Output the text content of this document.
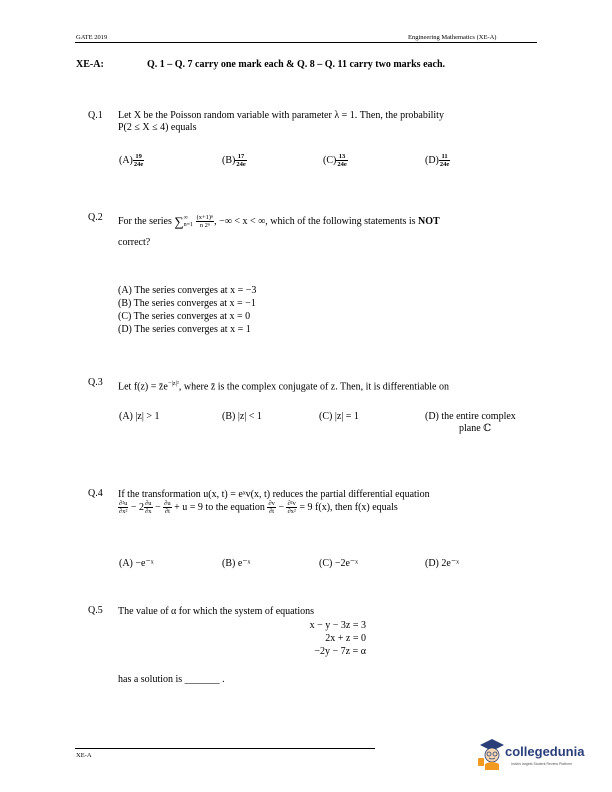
GATE 2019	Engineering Mathematics (XE-A)
XE-A:	Q. 1 – Q. 7 carry one mark each & Q. 8 – Q. 11 carry two marks each.
Q.1 Let X be the Poisson random variable with parameter λ = 1. Then, the probability
P(2 ≤ X ≤ 4) equals
$(A) \frac{19}{24e}$	$(B) \frac{17}{24e}$	$(C) \frac{13}{24e}$	$(D) \frac{11}{24e}$
Q.2 For the series ∑ ∞
n=1
$\frac{\text{(x+1)ⁿ}}{\text{n 2ⁿ}}$ , −∞ < x < ∞, which of the following statements is NOT
correct?
(A) The series converges at x = −3
(B) The series converges at x = −1
(C) The series converges at x = 0
(D) The series converges at x = 1
Q.3 Let $f(z) = z̄e^{-|z|^2}$, where z̄ is the complex conjugate of z. Then, it is differentiable on
(A) |z| > 1	(B) |z| < 1	(C) |z| = 1	(D) the entire complex
plane ℂ
Q.4 If the transformation u(x, t) = eˣv(x, t) reduces the partial differential equation
$\frac{\text{∂²u}}{\text{∂x²}} - 2 \frac{\partial u}{\partial x} - \frac{\partial u}{\partial t} + u = 9$ to the equation $\frac{\partial v}{\partial t} - \frac{\text{∂²v}}{\text{∂x²}} = 9$ f(x), then f(x) equals
(A) −e⁻ˣ	(B) e⁻ˣ	(C) −2e⁻ˣ	(D) 2e⁻ˣ
Q.5 The value of α for which the system of equations
x − y − 3z = 3
2x + z = 0
−2y − 7z = α
has a solution is _______ .
XE-A	collegedunia
India's largest Student Review Platform
